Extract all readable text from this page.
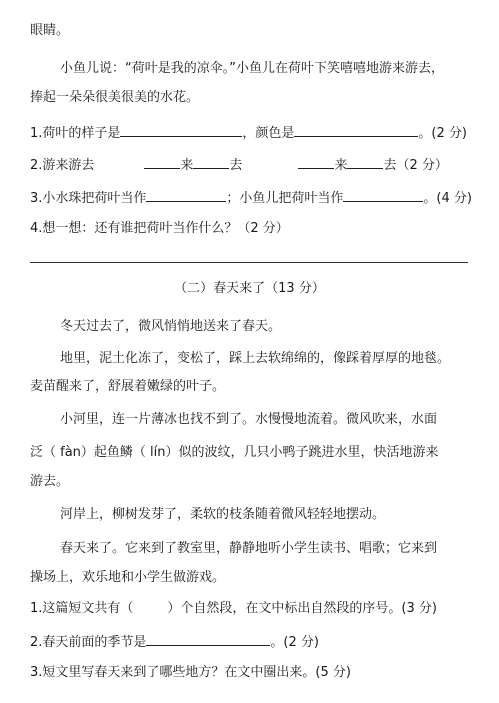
眼睛。
小鱼儿说：“荷叶是我的凉伞。”小鱼儿在荷叶下笑嘻嘻地游来游去，
捧起一朵朵很美很美的水花。
1.荷叶的样子是	，颜色是	。(2 分)
2.游来游去	来	去	来	去（2 分）
3.小水珠把荷叶当作	；小鱼儿把荷叶当作	。(4 分)
4.想一想：还有谁把荷叶当作什么？（2 分）
（二）春天来了（13 分）
冬天过去了，微风悄悄地送来了春天。
地里，泥土化冻了，变松了，踩上去软绵绵的，像踩着厚厚的地毯。
麦苗醒来了，舒展着嫩绿的叶子。
小河里，连一片薄冰也找不到了。水慢慢地流着。微风吹来，水面
泛（ fàn）起鱼鳞（ lín）似的波纹，几只小鸭子跳进水里，快活地游来
游去。
河岸上，柳树发芽了，柔软的枝条随着微风轻轻地摆动。
春天来了。它来到了教室里，静静地听小学生读书、唱歌；它来到
操场上，欢乐地和小学生做游戏。
1.这篇短文共有（	）个自然段，在文中标出自然段的序号。(3 分)
2.春天前面的季节是	。(2 分)
3.短文里写春天来到了哪些地方？在文中圈出来。(5 分)
